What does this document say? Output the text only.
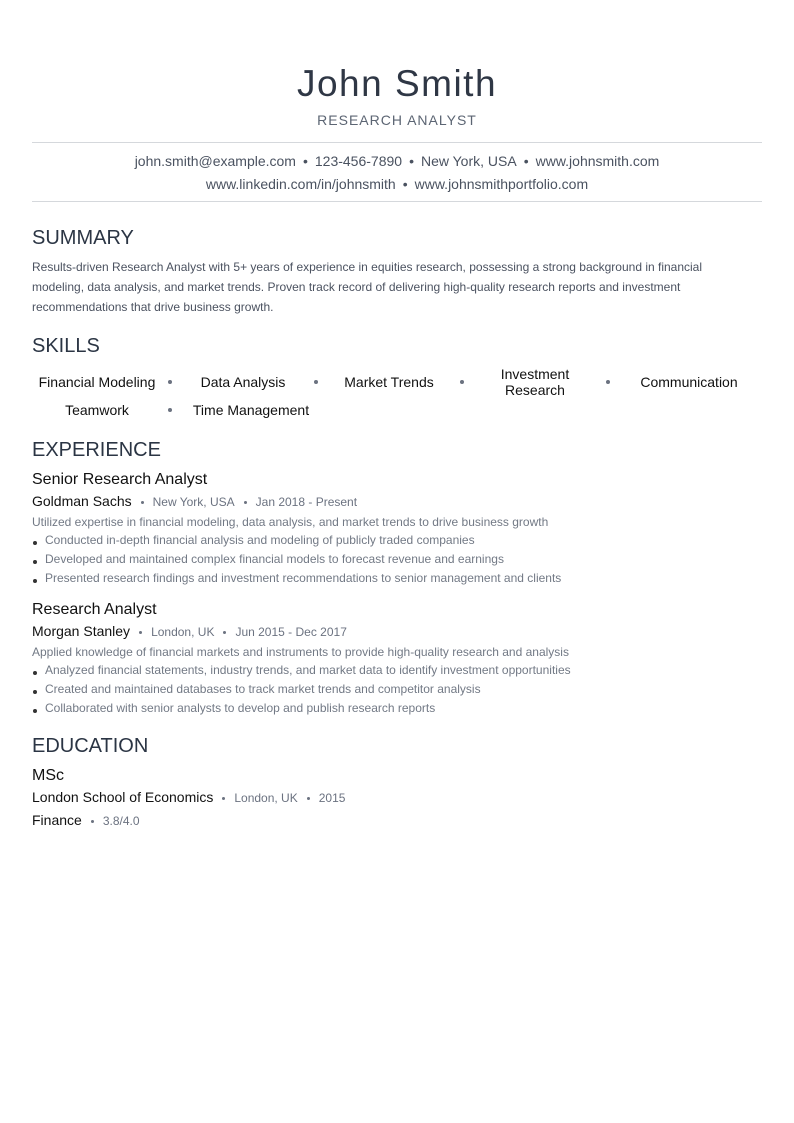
John Smith
RESEARCH ANALYST
john.smith@example.com • 123-456-7890 • New York, USA • www.johnsmith.com
www.linkedin.com/in/johnsmith • www.johnsmithportfolio.com
SUMMARY
Results-driven Research Analyst with 5+ years of experience in equities research, possessing a strong background in financial modeling, data analysis, and market trends. Proven track record of delivering high-quality research reports and investment recommendations that drive business growth.
SKILLS
Financial Modeling	Data Analysis	Market Trends	Investment Research	Communication
Teamwork	Time Management
EXPERIENCE
Senior Research Analyst
Goldman Sachs New York, USA Jan 2018 - Present
Utilized expertise in financial modeling, data analysis, and market trends to drive business growth
Conducted in-depth financial analysis and modeling of publicly traded companies
Developed and maintained complex financial models to forecast revenue and earnings
Presented research findings and investment recommendations to senior management and clients
Research Analyst
Morgan Stanley London, UK Jun 2015 - Dec 2017
Applied knowledge of financial markets and instruments to provide high-quality research and analysis
Analyzed financial statements, industry trends, and market data to identify investment opportunities
Created and maintained databases to track market trends and competitor analysis
Collaborated with senior analysts to develop and publish research reports
EDUCATION
MSc
London School of Economics London, UK 2015
Finance 3.8/4.0
